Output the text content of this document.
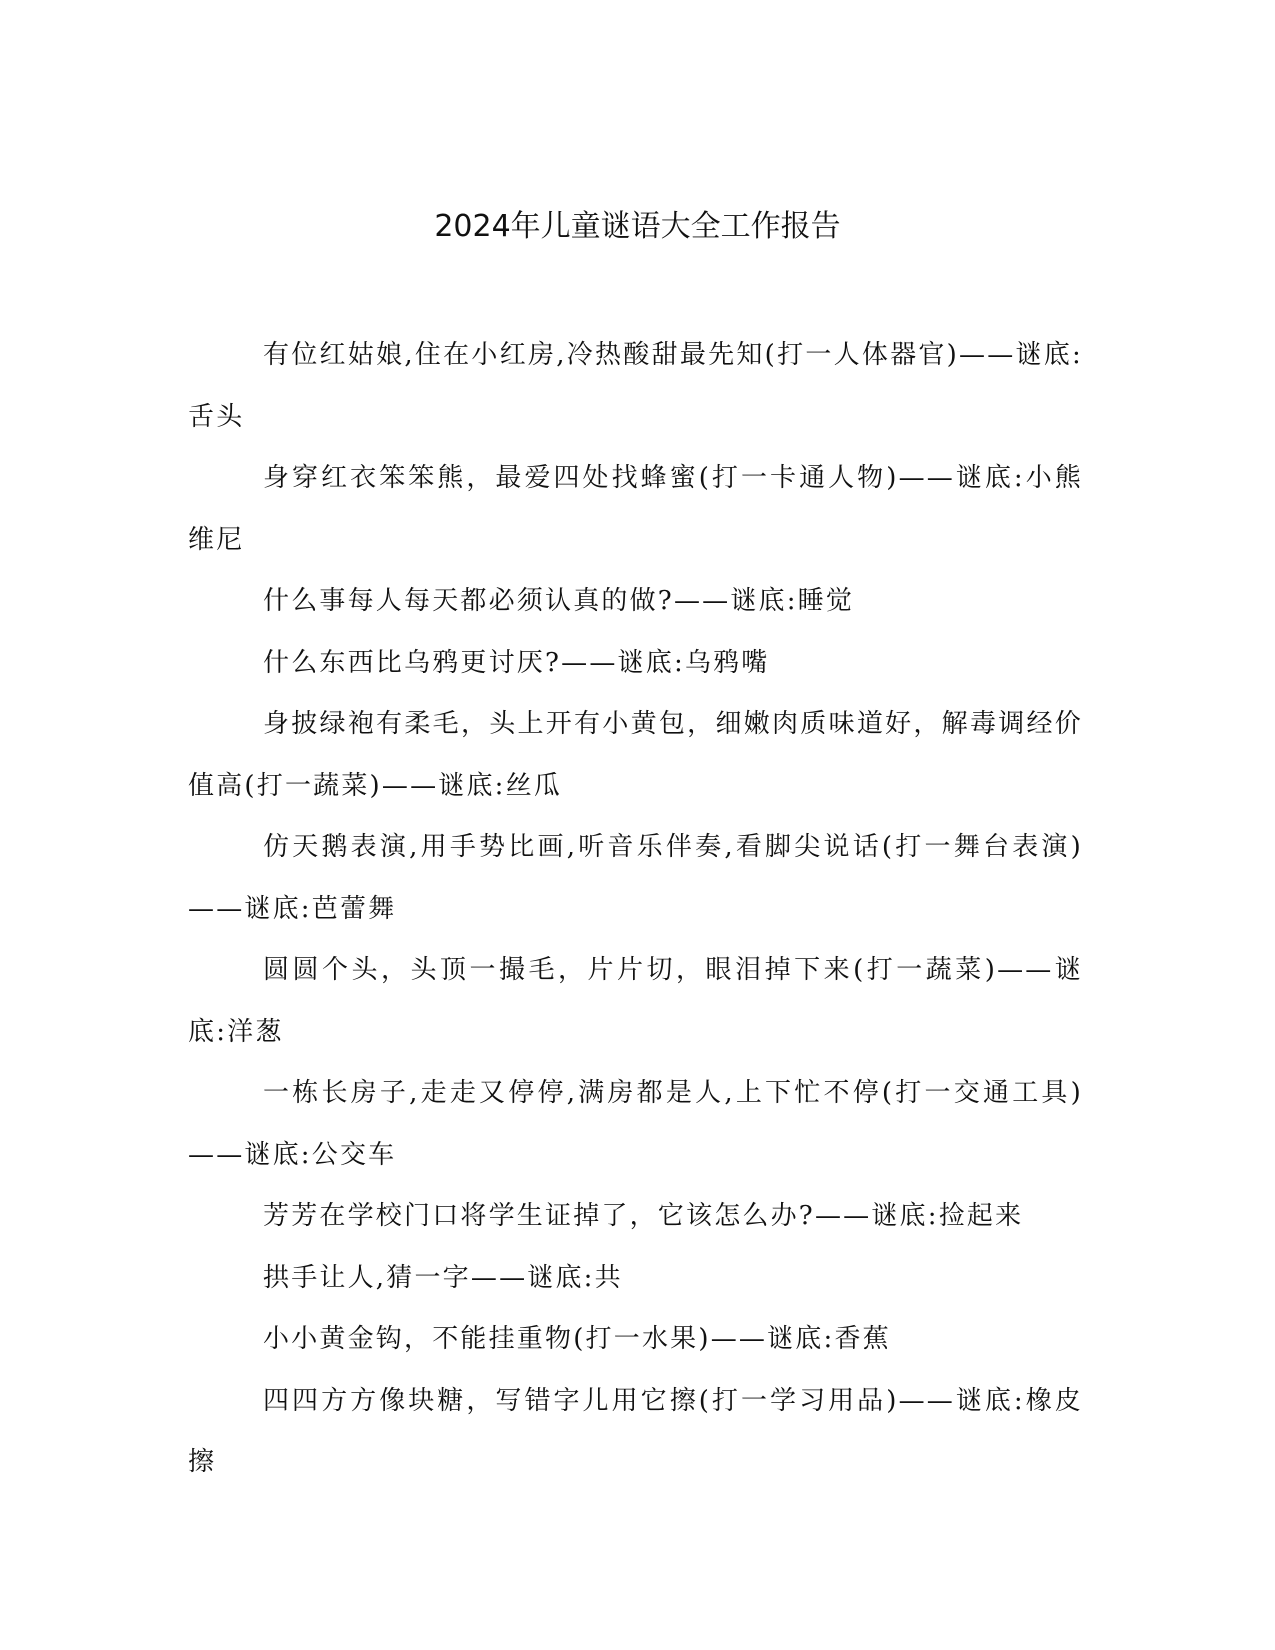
2024年儿童谜语大全工作报告

有位红姑娘,住在小红房,冷热酸甜最先知(打一人体器官)——谜底:舌头

身穿红衣笨笨熊，最爱四处找蜂蜜(打一卡通人物)——谜底:小熊维尼

什么事每人每天都必须认真的做?——谜底:睡觉

什么东西比乌鸦更讨厌?——谜底:乌鸦嘴

身披绿袍有柔毛，头上开有小黄包，细嫩肉质味道好，解毒调经价值高(打一蔬菜)——谜底:丝瓜

仿天鹅表演,用手势比画,听音乐伴奏,看脚尖说话(打一舞台表演)——谜底:芭蕾舞

圆圆个头，头顶一撮毛，片片切，眼泪掉下来(打一蔬菜)——谜底:洋葱

一栋长房子,走走又停停,满房都是人,上下忙不停(打一交通工具)——谜底:公交车

芳芳在学校门口将学生证掉了，它该怎么办?——谜底:捡起来

拱手让人,猜一字——谜底:共

小小黄金钩，不能挂重物(打一水果)——谜底:香蕉

四四方方像块糖，写错字儿用它擦(打一学习用品)——谜底:橡皮擦
